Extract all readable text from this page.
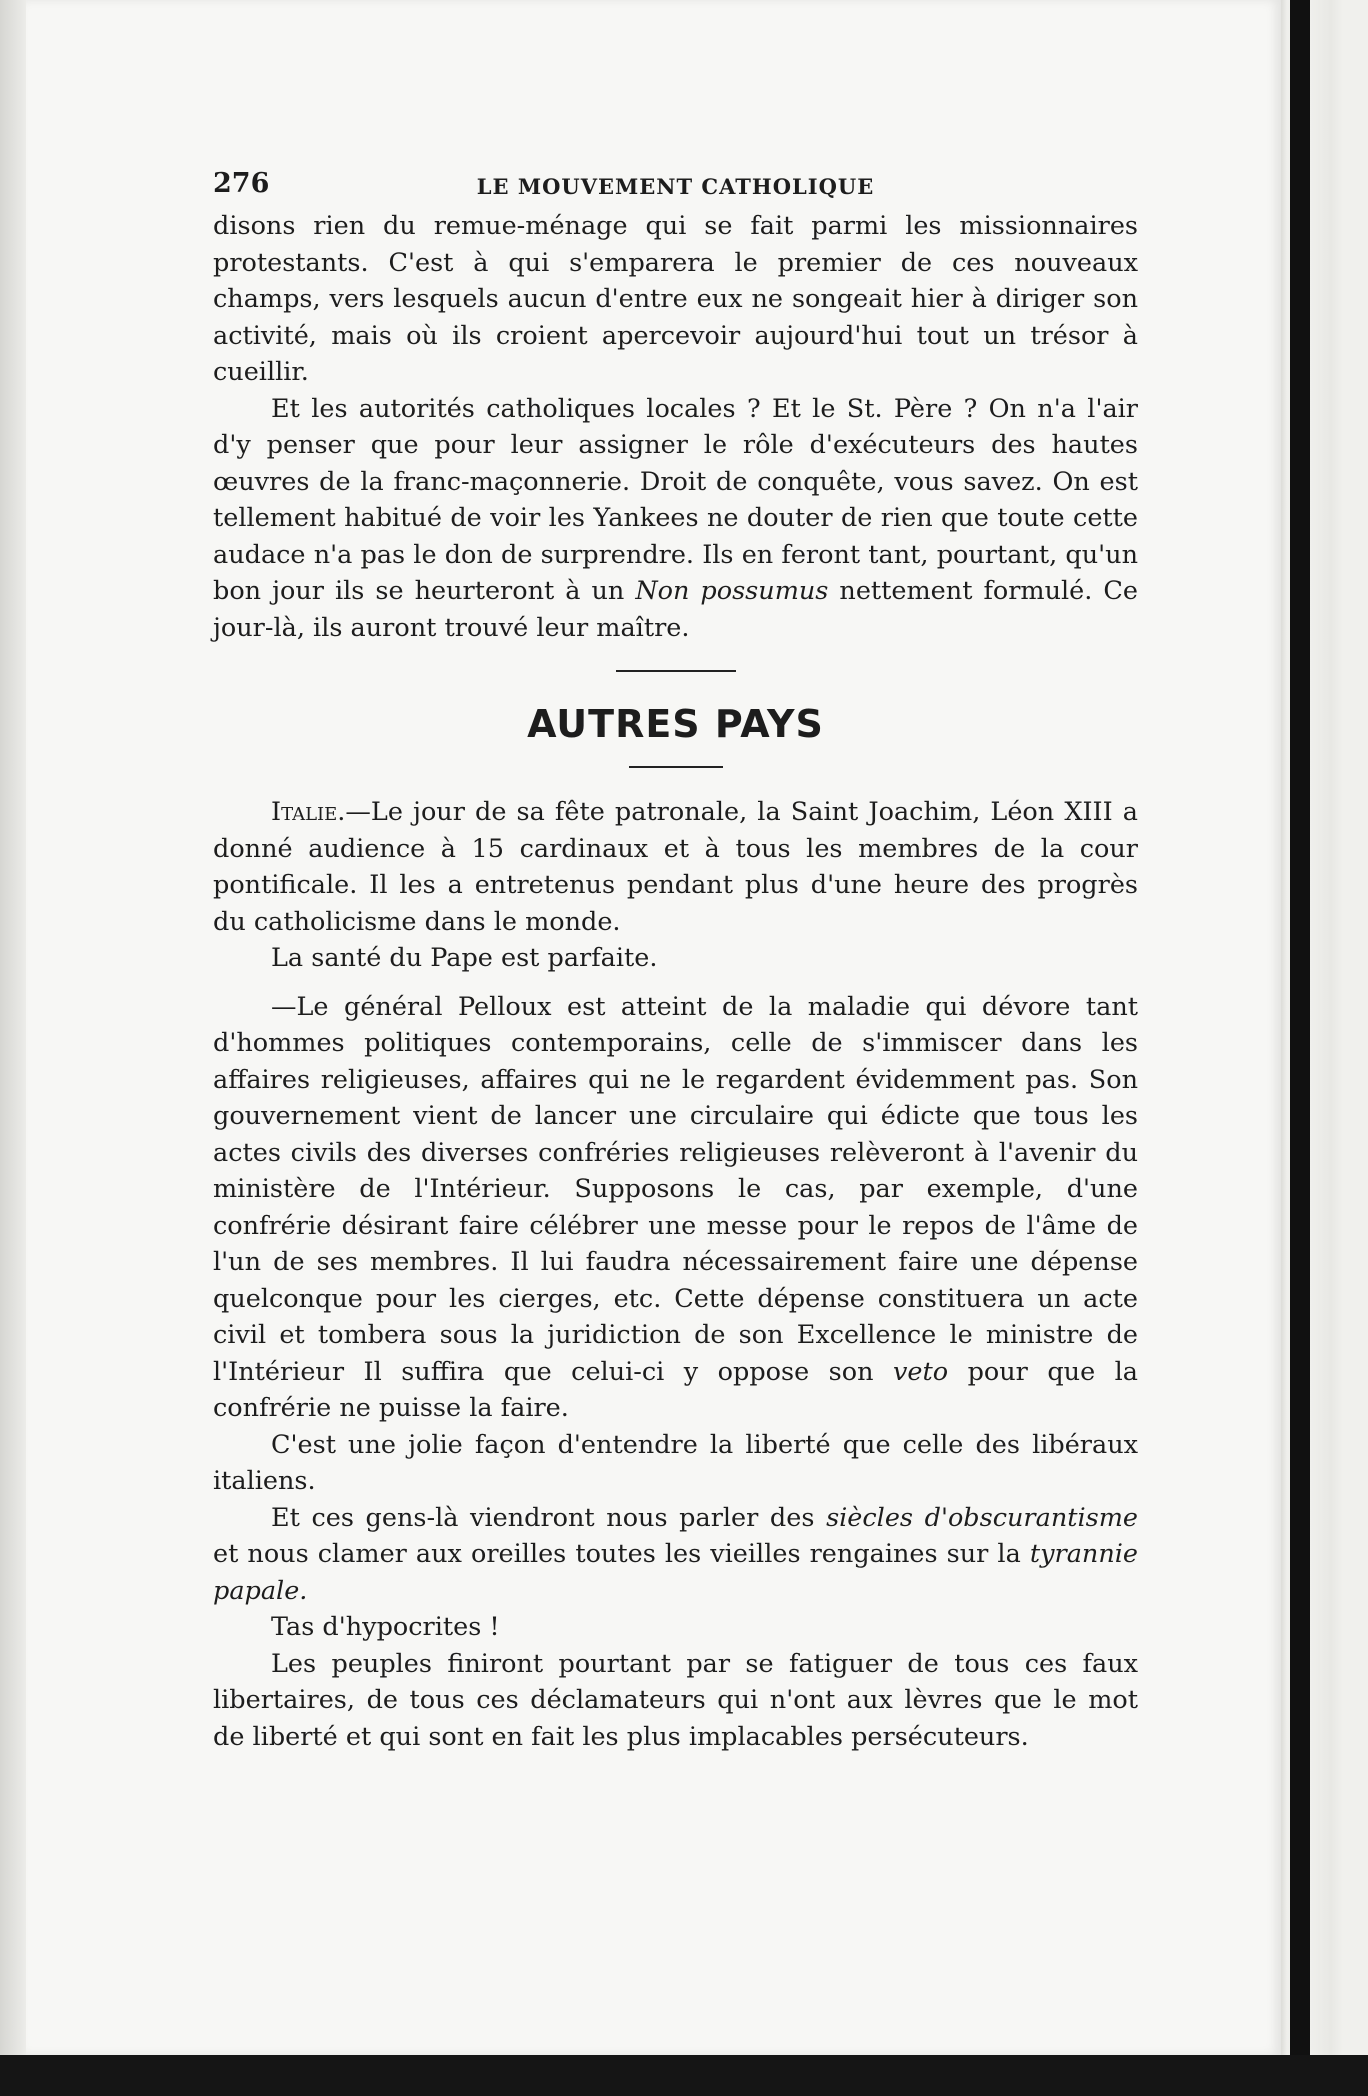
276	LE MOUVEMENT CATHOLIQUE

disons rien du remue-ménage qui se fait parmi les missionnaires protestants. C'est à qui s'emparera le premier de ces nouveaux champs, vers lesquels aucun d'entre eux ne songeait hier à diriger son activité, mais où ils croient apercevoir aujourd'hui tout un trésor à cueillir.

Et les autorités catholiques locales ? Et le St. Père ? On n'a l'air d'y penser que pour leur assigner le rôle d'exécuteurs des hautes œuvres de la franc-maçonnerie. Droit de conquête, vous savez. On est tellement habitué de voir les Yankees ne douter de rien que toute cette audace n'a pas le don de surprendre. Ils en feront tant, pourtant, qu'un bon jour ils se heurteront à un Non possumus nettement formulé. Ce jour-là, ils auront trouvé leur maître.

AUTRES PAYS

Italie.—Le jour de sa fête patronale, la Saint Joachim, Léon XIII a donné audience à 15 cardinaux et à tous les membres de la cour pontificale. Il les a entretenus pendant plus d'une heure des progrès du catholicisme dans le monde.

La santé du Pape est parfaite.

—Le général Pelloux est atteint de la maladie qui dévore tant d'hommes politiques contemporains, celle de s'immiscer dans les affaires religieuses, affaires qui ne le regardent évidemment pas. Son gouvernement vient de lancer une circulaire qui édicte que tous les actes civils des diverses confréries religieuses relèveront à l'avenir du ministère de l'Intérieur. Supposons le cas, par exemple, d'une confrérie désirant faire célébrer une messe pour le repos de l'âme de l'un de ses membres. Il lui faudra nécessairement faire une dépense quelconque pour les cierges, etc. Cette dépense constituera un acte civil et tombera sous la juridiction de son Excellence le ministre de l'Intérieur Il suffira que celui-ci y oppose son veto pour que la confrérie ne puisse la faire.

C'est une jolie façon d'entendre la liberté que celle des libéraux italiens.

Et ces gens-là viendront nous parler des siècles d'obscurantisme et nous clamer aux oreilles toutes les vieilles rengaines sur la tyrannie papale.

Tas d'hypocrites !

Les peuples finiront pourtant par se fatiguer de tous ces faux libertaires, de tous ces déclamateurs qui n'ont aux lèvres que le mot de liberté et qui sont en fait les plus implacables persécuteurs.
